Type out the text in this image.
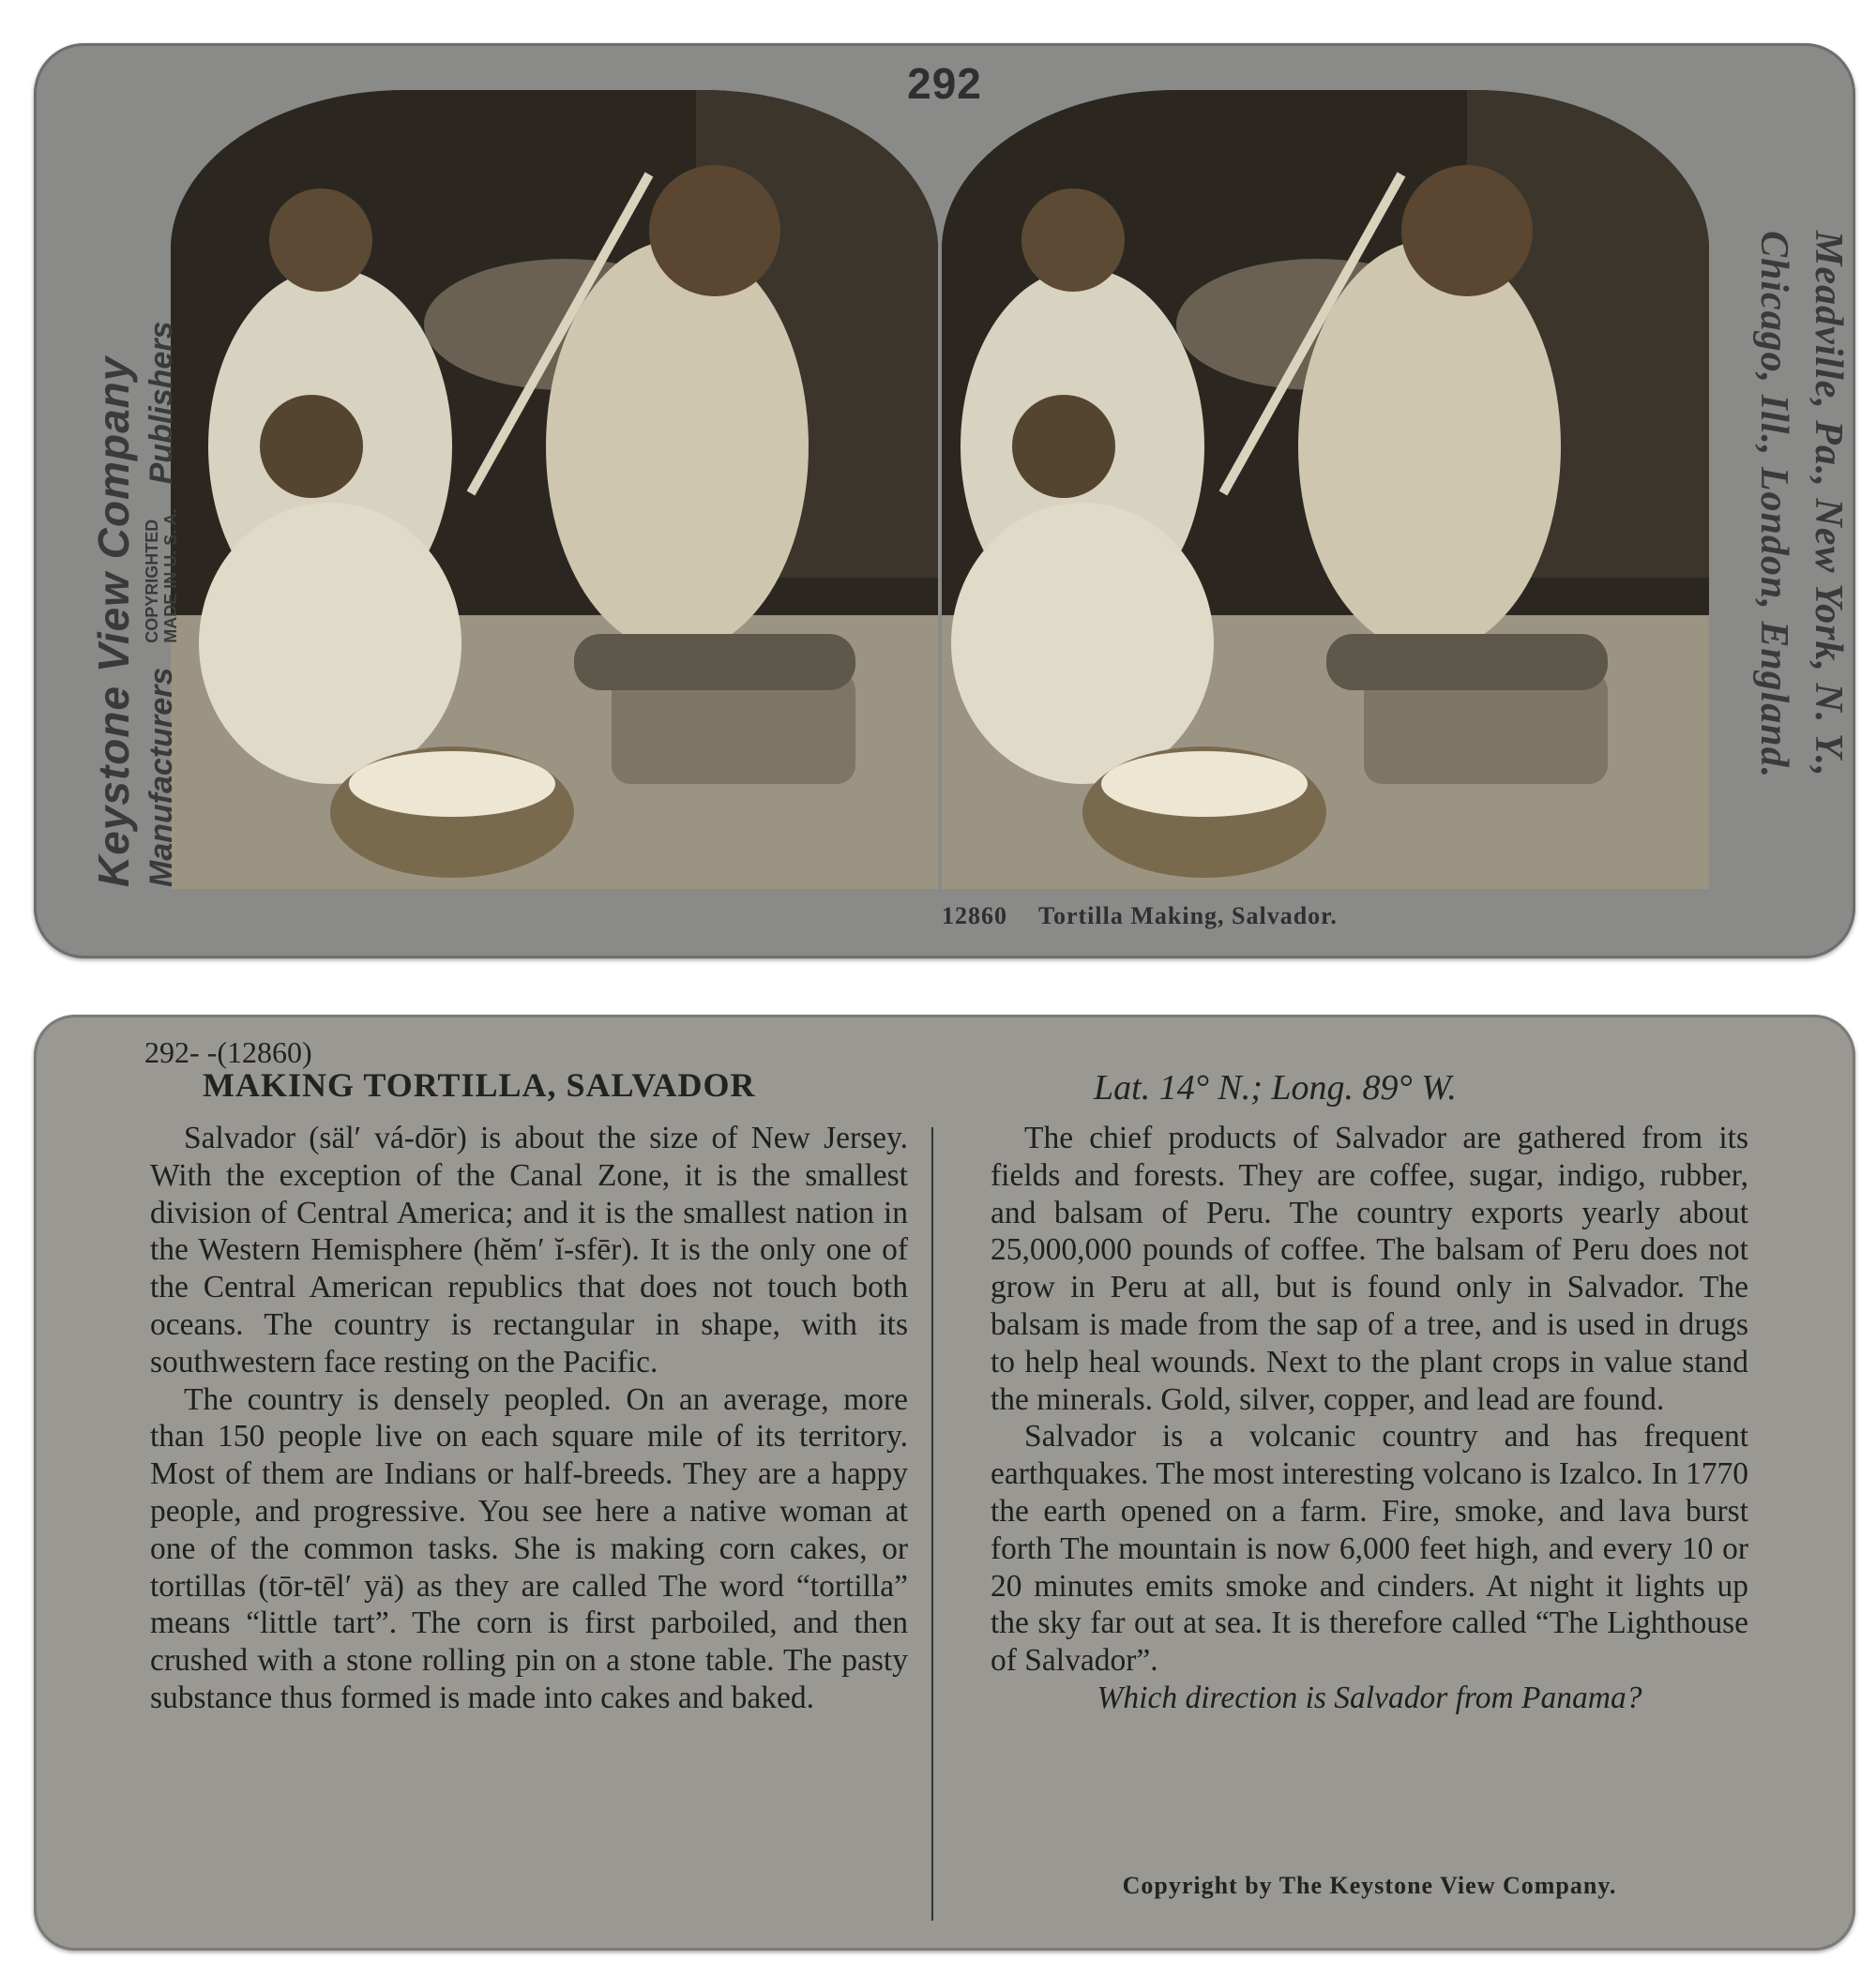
292
Keystone View Company Manufacturers
COPYRIGHTED
MADE IN U. S. A.
Publishers	Meadville, Pa., New York, N. Y.,
Chicago, Ill., London, England.
12860 Tortilla Making, Salvador.
292- -(12860)
MAKING TORTILLA, SALVADOR	Lat. 14° N.; Long. 89° W.

Salvador (säl′ vá-dōr) is about the size of New Jersey. With the exception of the Canal Zone, it is the smallest division of Central America; and it is the smallest nation in the Western Hemisphere (hĕm′ ĭ-sfēr). It is the only one of the Central American republics that does not touch both oceans. The country is rectangular in shape, with its southwestern face resting on the Pacific.

The country is densely peopled. On an average, more than 150 people live on each square mile of its territory. Most of them are Indians or half-breeds. They are a happy people, and progressive. You see here a native woman at one of the common tasks. She is making corn cakes, or tortillas (tōr-tēl′ yä) as they are called The word “tortilla” means “little tart”. The corn is first parboiled, and then crushed with a stone rolling pin on a stone table. The pasty substance thus formed is made into cakes and baked.

The chief products of Salvador are gathered from its fields and forests. They are coffee, sugar, indigo, rubber, and balsam of Peru. The country exports yearly about 25,000,000 pounds of coffee. The balsam of Peru does not grow in Peru at all, but is found only in Salvador. The balsam is made from the sap of a tree, and is used in drugs to help heal wounds. Next to the plant crops in value stand the minerals. Gold, silver, copper, and lead are found.

Salvador is a volcanic country and has frequent earthquakes. The most interesting volcano is Izalco. In 1770 the earth opened on a farm. Fire, smoke, and lava burst forth The mountain is now 6,000 feet high, and every 10 or 20 minutes emits smoke and cinders. At night it lights up the sky far out at sea. It is therefore called “The Lighthouse of Salvador”.

Which direction is Salvador from Panama?

Copyright by The Keystone View Company.
